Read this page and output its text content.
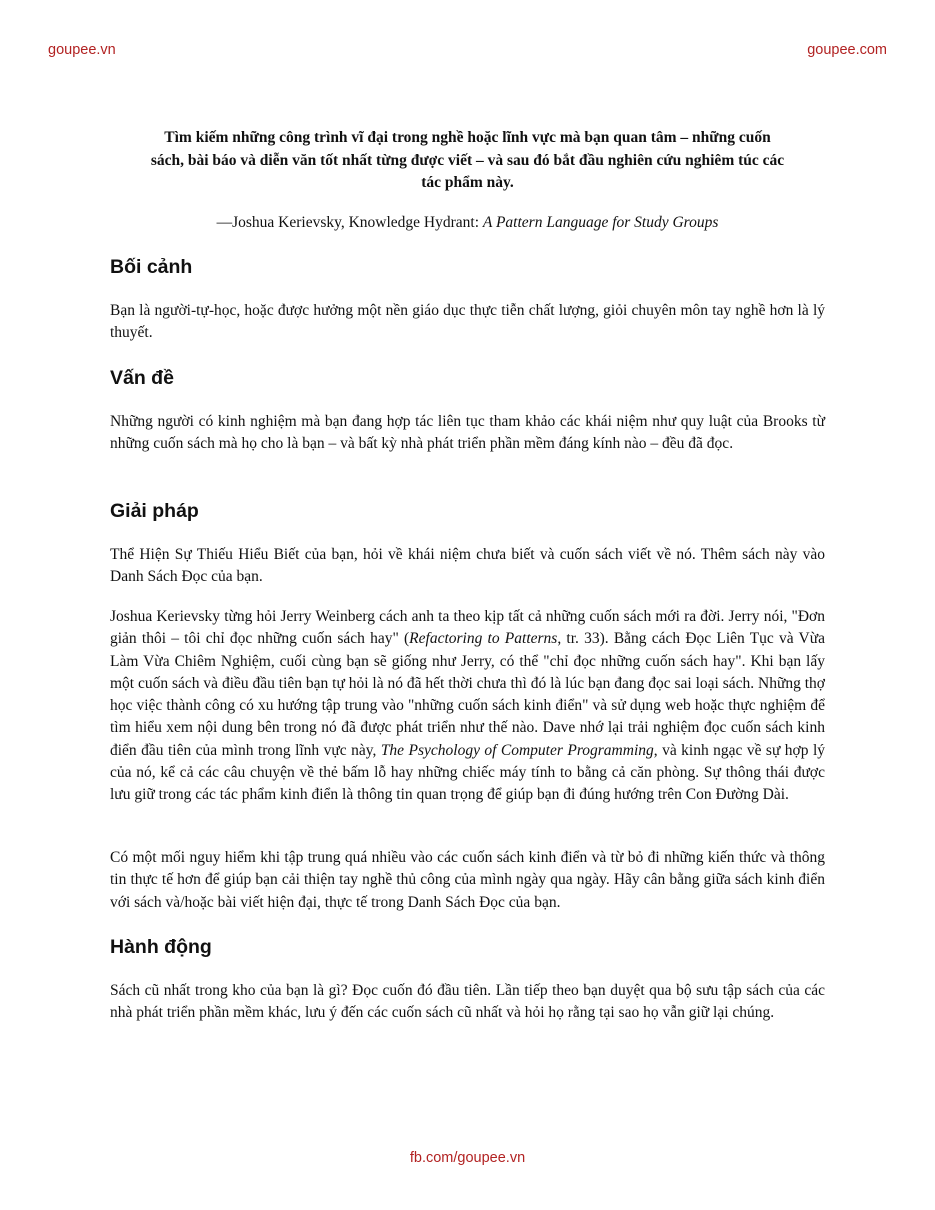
goupee.vn	goupee.com
Tìm kiếm những công trình vĩ đại trong nghề hoặc lĩnh vực mà bạn quan tâm – những cuốn sách, bài báo và diễn văn tốt nhất từng được viết – và sau đó bắt đầu nghiên cứu nghiêm túc các tác phẩm này.
—Joshua Kerievsky, Knowledge Hydrant: A Pattern Language for Study Groups
Bối cảnh

Bạn là người-tự-học, hoặc được hưởng một nền giáo dục thực tiễn chất lượng, giỏi chuyên môn tay nghề hơn là lý thuyết.

Vấn đề

Những người có kinh nghiệm mà bạn đang hợp tác liên tục tham khảo các khái niệm như quy luật của Brooks từ những cuốn sách mà họ cho là bạn – và bất kỳ nhà phát triển phần mềm đáng kính nào – đều đã đọc.

Giải pháp

Thể Hiện Sự Thiếu Hiểu Biết của bạn, hỏi về khái niệm chưa biết và cuốn sách viết về nó. Thêm sách này vào Danh Sách Đọc của bạn.

Joshua Kerievsky từng hỏi Jerry Weinberg cách anh ta theo kịp tất cả những cuốn sách mới ra đời. Jerry nói, "Đơn giản thôi – tôi chỉ đọc những cuốn sách hay" (Refactoring to Patterns, tr. 33). Bằng cách Đọc Liên Tục và Vừa Làm Vừa Chiêm Nghiệm, cuối cùng bạn sẽ giống như Jerry, có thể "chỉ đọc những cuốn sách hay". Khi bạn lấy một cuốn sách và điều đầu tiên bạn tự hỏi là nó đã hết thời chưa thì đó là lúc bạn đang đọc sai loại sách. Những thợ học việc thành công có xu hướng tập trung vào "những cuốn sách kinh điển" và sử dụng web hoặc thực nghiệm để tìm hiểu xem nội dung bên trong nó đã được phát triển như thế nào. Dave nhớ lại trải nghiệm đọc cuốn sách kinh điển đầu tiên của mình trong lĩnh vực này, The Psychology of Computer Programming, và kinh ngạc về sự hợp lý của nó, kể cả các câu chuyện về thẻ bấm lỗ hay những chiếc máy tính to bằng cả căn phòng. Sự thông thái được lưu giữ trong các tác phẩm kinh điển là thông tin quan trọng để giúp bạn đi đúng hướng trên Con Đường Dài.

Có một mối nguy hiểm khi tập trung quá nhiều vào các cuốn sách kinh điển và từ bỏ đi những kiến thức và thông tin thực tế hơn để giúp bạn cải thiện tay nghề thủ công của mình ngày qua ngày. Hãy cân bằng giữa sách kinh điển với sách và/hoặc bài viết hiện đại, thực tế trong Danh Sách Đọc của bạn.

Hành động

Sách cũ nhất trong kho của bạn là gì? Đọc cuốn đó đầu tiên. Lần tiếp theo bạn duyệt qua bộ sưu tập sách của các nhà phát triển phần mềm khác, lưu ý đến các cuốn sách cũ nhất và hỏi họ rằng tại sao họ vẫn giữ lại chúng.

fb.com/goupee.vn
